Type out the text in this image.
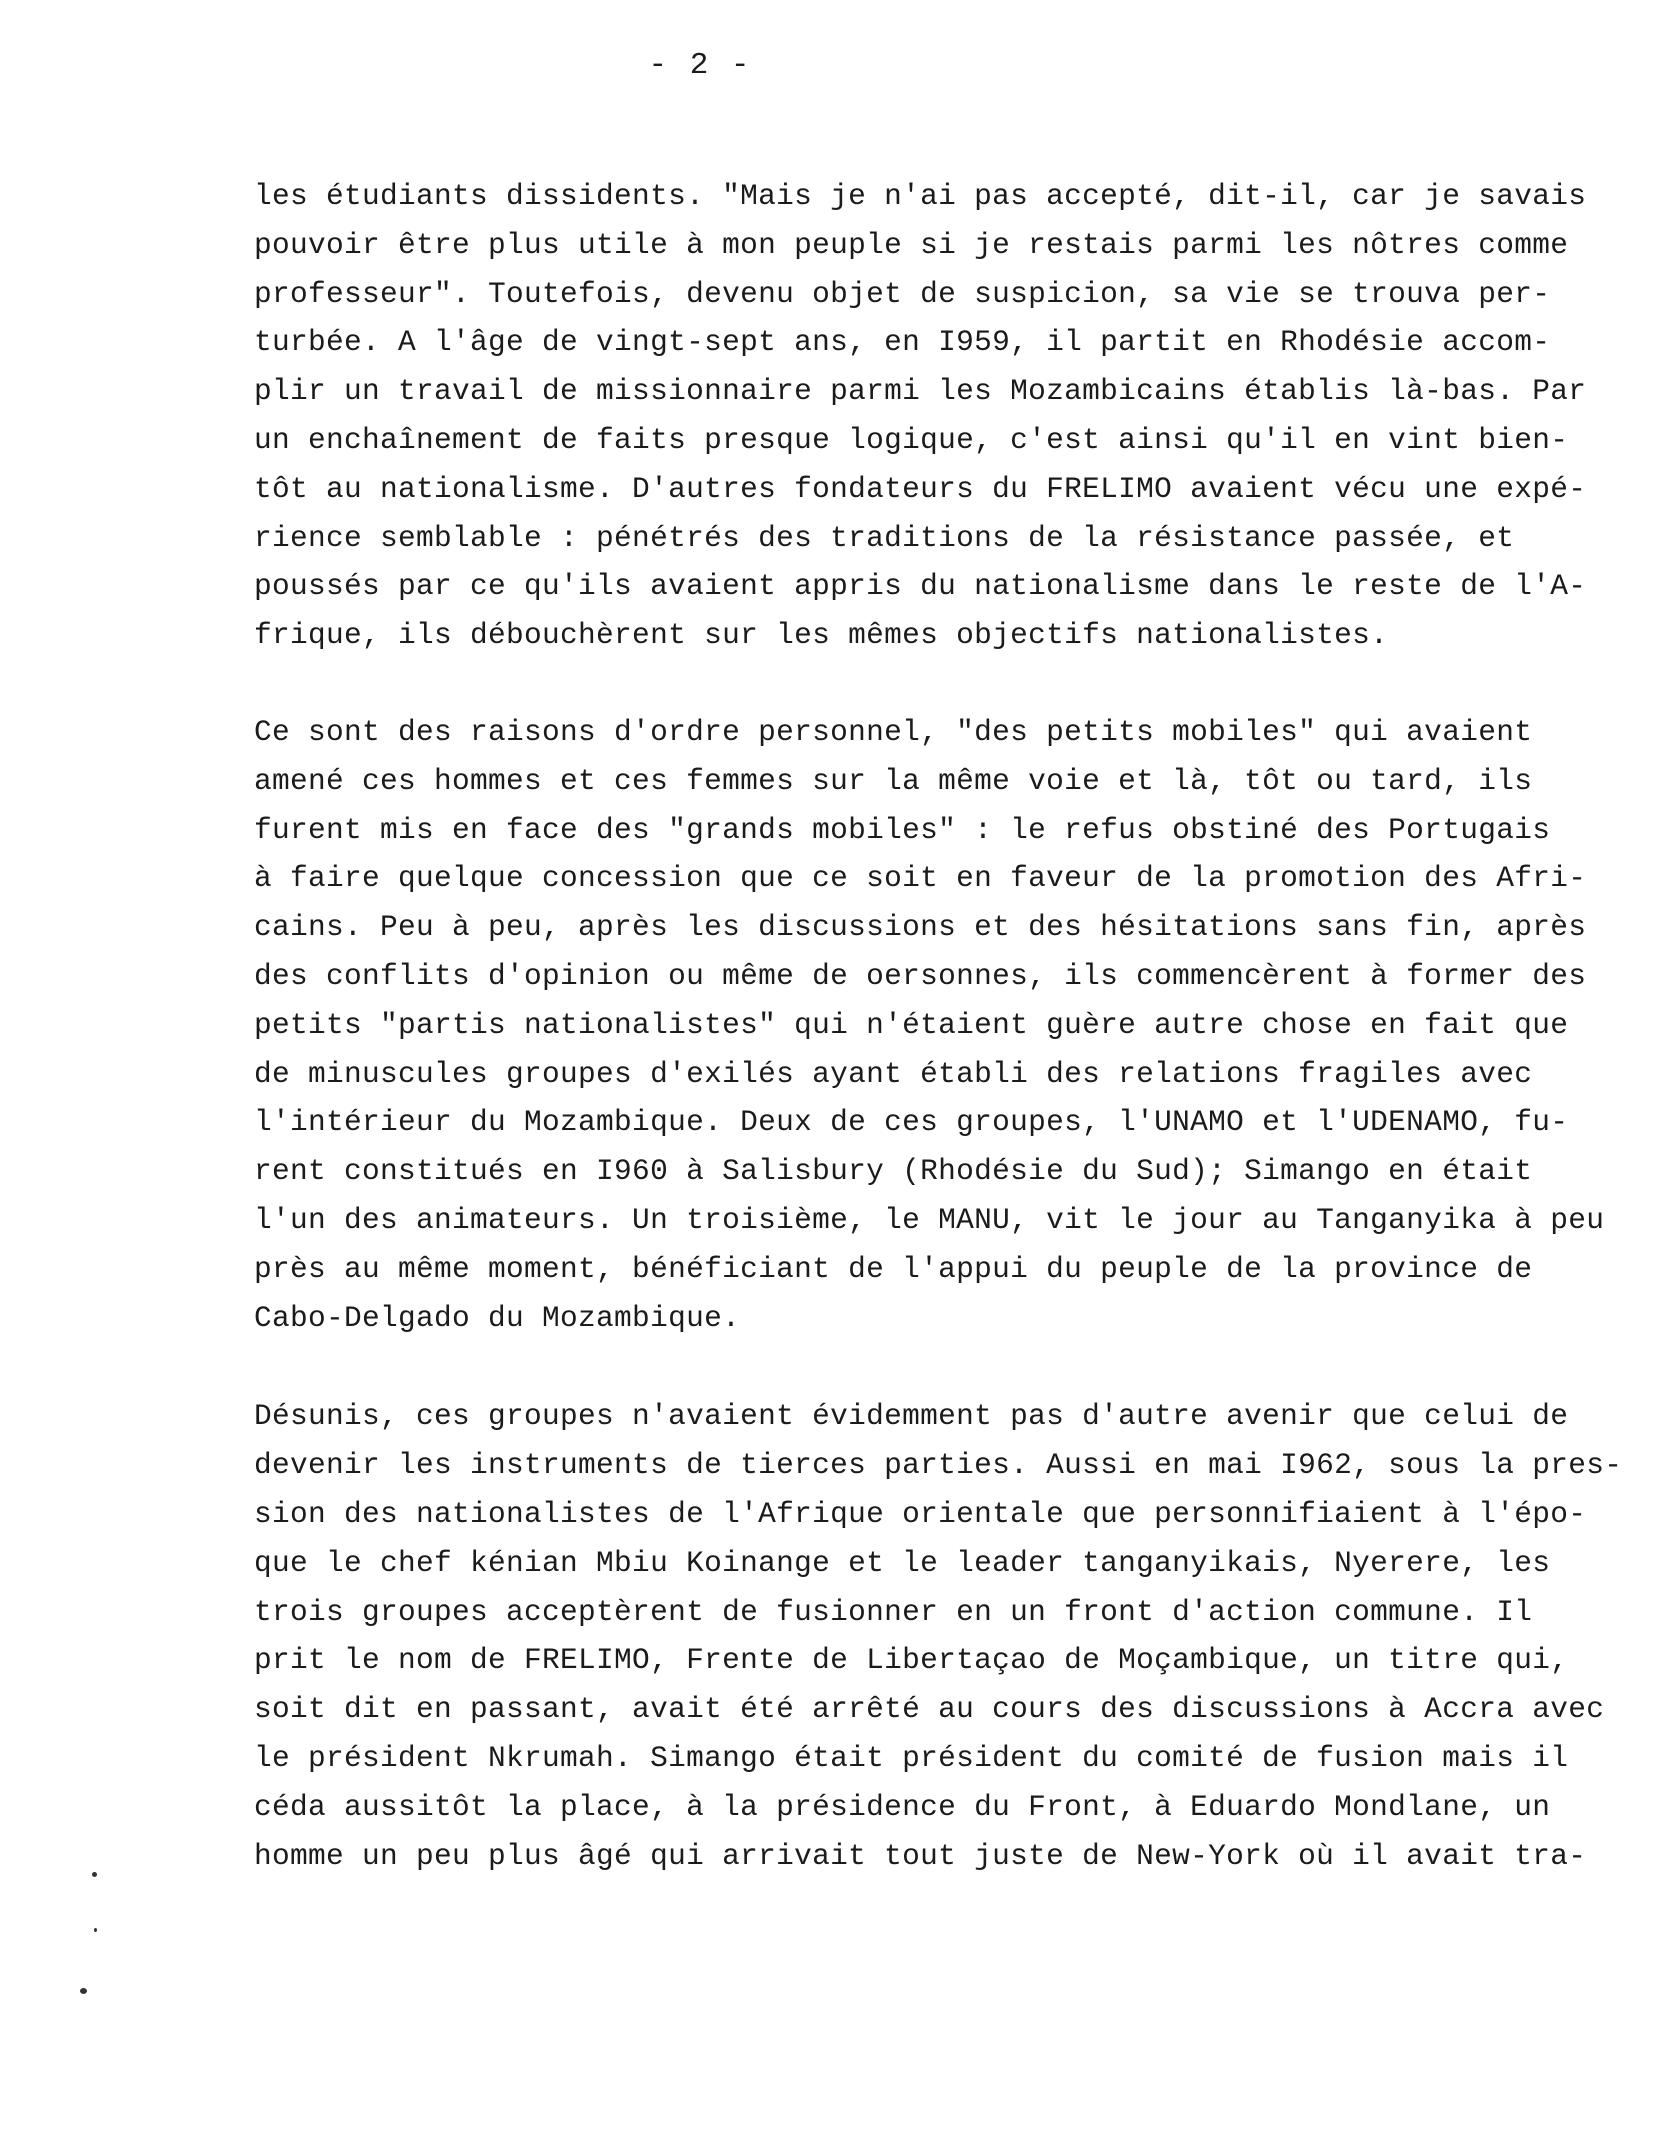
- 2 -
les étudiants dissidents. "Mais je n'ai pas accepté, dit-il, car je savais
pouvoir être plus utile à mon peuple si je restais parmi les nôtres comme
professeur". Toutefois, devenu objet de suspicion, sa vie se trouva per-
turbée. A l'âge de vingt-sept ans, en I959, il partit en Rhodésie accom-
plir un travail de missionnaire parmi les Mozambicains établis là-bas. Par
un enchaînement de faits presque logique, c'est ainsi qu'il en vint bien-
tôt au nationalisme. D'autres fondateurs du FRELIMO avaient vécu une expé-
rience semblable : pénétrés des traditions de la résistance passée, et
poussés par ce qu'ils avaient appris du nationalisme dans le reste de l'A-
frique, ils débouchèrent sur les mêmes objectifs nationalistes.
Ce sont des raisons d'ordre personnel, "des petits mobiles" qui avaient
amené ces hommes et ces femmes sur la même voie et là, tôt ou tard, ils
furent mis en face des "grands mobiles" : le refus obstiné des Portugais
à faire quelque concession que ce soit en faveur de la promotion des Afri-
cains. Peu à peu, après les discussions et des hésitations sans fin, après
des conflits d'opinion ou même de oersonnes, ils commencèrent à former des
petits "partis nationalistes" qui n'étaient guère autre chose en fait que
de minuscules groupes d'exilés ayant établi des relations fragiles avec
l'intérieur du Mozambique. Deux de ces groupes, l'UNAMO et l'UDENAMO, fu-
rent constitués en I960 à Salisbury (Rhodésie du Sud); Simango en était
l'un des animateurs. Un troisième, le MANU, vit le jour au Tanganyika à peu
près au même moment, bénéficiant de l'appui du peuple de la province de
Cabo-Delgado du Mozambique.
Désunis, ces groupes n'avaient évidemment pas d'autre avenir que celui de
devenir les instruments de tierces parties. Aussi en mai I962, sous la pres-
sion des nationalistes de l'Afrique orientale que personnifiaient à l'épo-
que le chef kénian Mbiu Koinange et le leader tanganyikais, Nyerere, les
trois groupes acceptèrent de fusionner en un front d'action commune. Il
prit le nom de FRELIMO, Frente de Libertaçao de Moçambique, un titre qui,
soit dit en passant, avait été arrêté au cours des discussions à Accra avec
le président Nkrumah. Simango était président du comité de fusion mais il
céda aussitôt la place, à la présidence du Front, à Eduardo Mondlane, un
homme un peu plus âgé qui arrivait tout juste de New-York où il avait tra-
